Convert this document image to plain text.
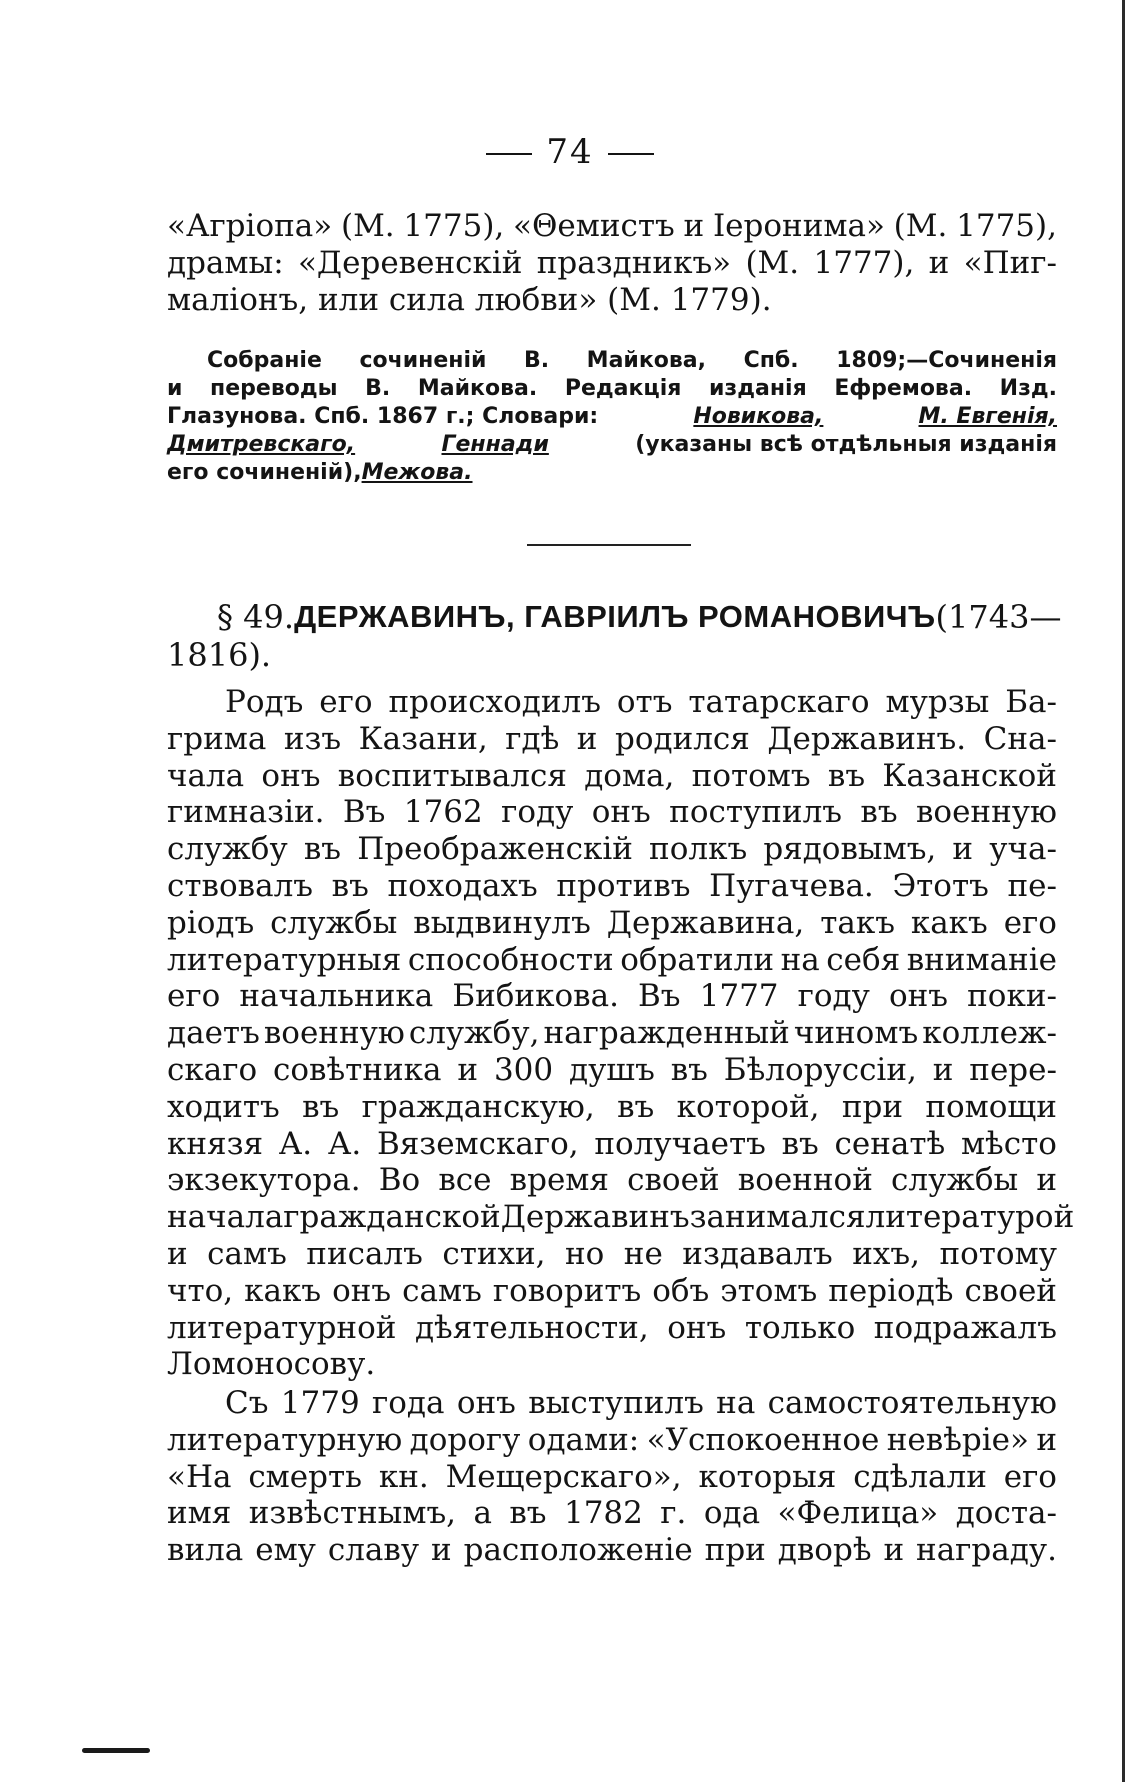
74
«Агріопа» (М. 1775), «Θемистъ и Іеронима» (М. 1775),
драмы: «Деревенскій праздникъ» (М. 1777), и «Пиг-
маліонъ, или сила любви» (М. 1779).
Собраніе сочиненій В. Майкова, Спб. 1809;—Сочиненія
и переводы В. Майкова. Редакція изданія Ефремова. Изд.
Глазунова. Спб. 1867 г.; Словари:	Новикова,	М. Евгенія,
Дмитревскаго,	Геннади	(указаны всѣ отдѣльныя изданія
его сочиненій), Межова.
§ 49. ДЕРЖАВИНЪ, ГАВРІИЛЪ РОМАНОВИЧЪ (1743—
1816).
Родъ его происходилъ отъ татарскаго мурзы Ба-
грима изъ Казани, гдѣ и родился Державинъ. Сна-
чала онъ воспитывался дома, потомъ въ Казанской
гимназіи. Въ 1762 году онъ поступилъ въ военную
службу въ Преображенскій полкъ рядовымъ, и уча-
ствовалъ въ походахъ противъ Пугачева. Этотъ пе-
ріодъ службы выдвинулъ Державина, такъ какъ его
литературныя способности обратили на себя вниманіе
его начальника Бибикова. Въ 1777 году онъ поки-
даетъ военную службу, награжденный чиномъ коллеж-
скаго совѣтника и 300 душъ въ Бѣлоруссіи, и пере-
ходитъ въ гражданскую, въ которой, при помощи
князя А. А. Вяземскаго, получаетъ въ сенатѣ мѣсто
экзекутора. Во все время своей военной службы и
начала гражданской Державинъ занимался литературой
и самъ писалъ стихи, но не издавалъ ихъ, потому
что, какъ онъ самъ говоритъ объ этомъ періодѣ своей
литературной дѣятельности, онъ только подражалъ
Ломоносову.
Съ 1779 года онъ выступилъ на самостоятельную
литературную дорогу одами: «Успокоенное невѣріе» и
«На смерть кн. Мещерскаго», которыя сдѣлали его
имя извѣстнымъ, а въ 1782 г. ода «Фелица» доста-
вила ему славу и расположеніе при дворѣ и награду.
